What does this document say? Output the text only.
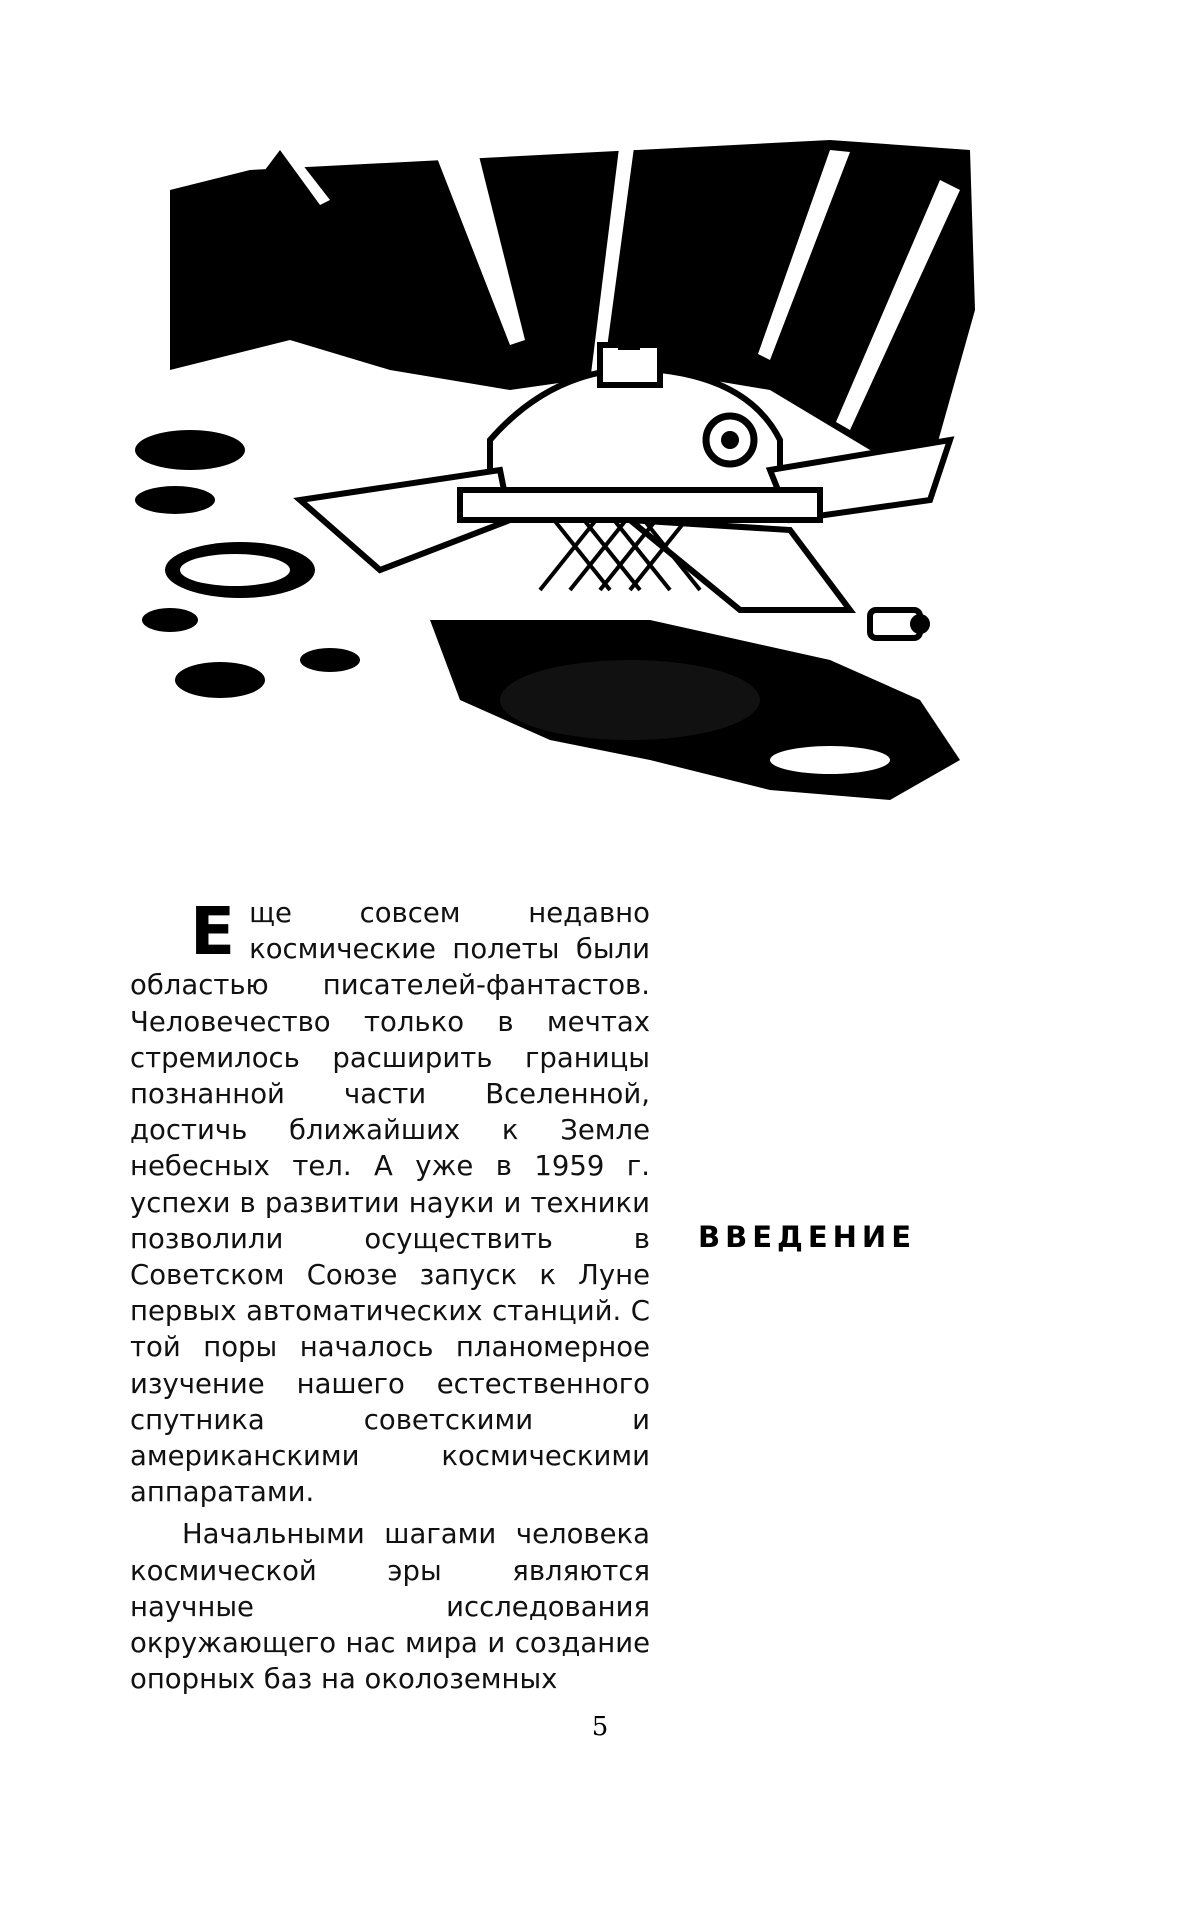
Еще совсем недавно космические полеты были областью писателей-фантастов. Человечество только в мечтах стремилось расширить границы познанной части Вселенной, достичь ближайших к Земле небесных тел. А уже в 1959 г. успехи в развитии науки и техники позволили осуществить в Советском Союзе запуск к Луне первых автоматических станций. С той поры началось планомерное изучение нашего естественного спутника советскими и американскими космическими аппаратами.

Начальными шагами человека космической эры являются научные исследования окружающего нас мира и создание опорных баз на околоземных

ВВЕДЕНИЕ
5
